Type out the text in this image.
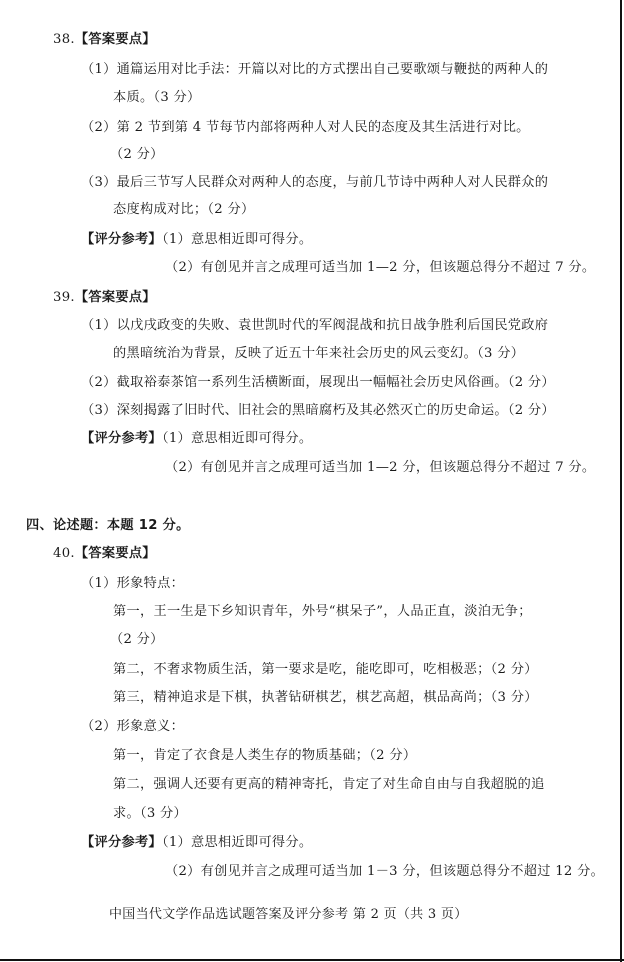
38.【答案要点】
（1）通篇运用对比手法：开篇以对比的方式摆出自己要歌颂与鞭挞的两种人的
本质。（3 分）
（2）第 2 节到第 4 节每节内部将两种人对人民的态度及其生活进行对比。
（2 分）
（3）最后三节写人民群众对两种人的态度，与前几节诗中两种人对人民群众的
态度构成对比；（2 分）
【评分参考】（1）意思相近即可得分。
（2）有创见并言之成理可适当加 1—2 分，但该题总得分不超过 7 分。
39.【答案要点】
（1）以戊戌政变的失败、袁世凯时代的军阀混战和抗日战争胜利后国民党政府
的黑暗统治为背景，反映了近五十年来社会历史的风云变幻。（3 分）
（2）截取裕泰茶馆一系列生活横断面，展现出一幅幅社会历史风俗画。（2 分）
（3）深刻揭露了旧时代、旧社会的黑暗腐朽及其必然灭亡的历史命运。（2 分）
【评分参考】（1）意思相近即可得分。
（2）有创见并言之成理可适当加 1—2 分，但该题总得分不超过 7 分。
四、论述题：本题 12 分。
40.【答案要点】
（1）形象特点：
第一，王一生是下乡知识青年，外号“棋呆子”，人品正直，淡泊无争；
（2 分）
第二，不奢求物质生活，第一要求是吃，能吃即可，吃相极恶；（2 分）
第三，精神追求是下棋，执著钻研棋艺，棋艺高超，棋品高尚；（3 分）
（2）形象意义：
第一，肯定了衣食是人类生存的物质基础；（2 分）
第二，强调人还要有更高的精神寄托，肯定了对生命自由与自我超脱的追
求。（3 分）
【评分参考】（1）意思相近即可得分。
（2）有创见并言之成理可适当加 1－3 分，但该题总得分不超过 12 分。
中国当代文学作品选试题答案及评分参考 第 2 页（共 3 页）
